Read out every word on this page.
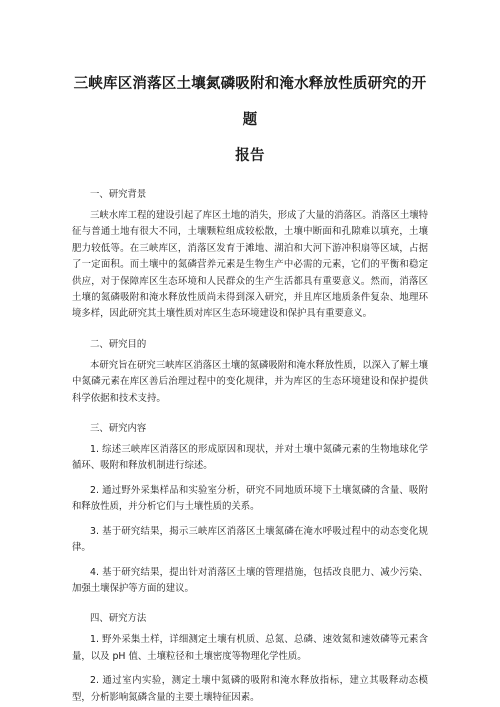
三峡库区消落区土壤氮磷吸附和淹水释放性质研究的开题
报告
一、研究背景

三峡水库工程的建设引起了库区土地的消失，形成了大量的消落区。消落区土壤特征与普通土地有很大不同，土壤颗粒组成较松散，土壤中断面和孔隙难以填充，土壤肥力较低等。在三峡库区，消落区发育于滩地、湖泊和大河下游冲积扇等区域，占据了一定面积。而土壤中的氮磷营养元素是生物生产中必需的元素，它们的平衡和稳定供应，对于保障库区生态环境和人民群众的生产生活都具有重要意义。然而，消落区土壤的氮磷吸附和淹水释放性质尚未得到深入研究，并且库区地质条件复杂、地理环境多样，因此研究其土壤性质对库区生态环境建设和保护具有重要意义。

二、研究目的

本研究旨在研究三峡库区消落区土壤的氮磷吸附和淹水释放性质，以深入了解土壤中氮磷元素在库区善后治理过程中的变化规律，并为库区的生态环境建设和保护提供科学依据和技术支持。

三、研究内容

1. 综述三峡库区消落区的形成原因和现状，并对土壤中氮磷元素的生物地球化学循环、吸附和释放机制进行综述。

2. 通过野外采集样品和实验室分析，研究不同地质环境下土壤氮磷的含量、吸附和释放性质，并分析它们与土壤性质的关系。

3. 基于研究结果，揭示三峡库区消落区土壤氮磷在淹水呼吸过程中的动态变化规律。

4. 基于研究结果，提出针对消落区土壤的管理措施，包括改良肥力、减少污染、加强土壤保护等方面的建议。

四、研究方法

1. 野外采集土样，详细测定土壤有机质、总氮、总磷、速效氮和速效磷等元素含量，以及 pH 值、土壤粒径和土壤密度等物理化学性质。

2. 通过室内实验，测定土壤中氮磷的吸附和淹水释放指标，建立其吸释动态模型，分析影响氮磷含量的主要土壤特征因素。
